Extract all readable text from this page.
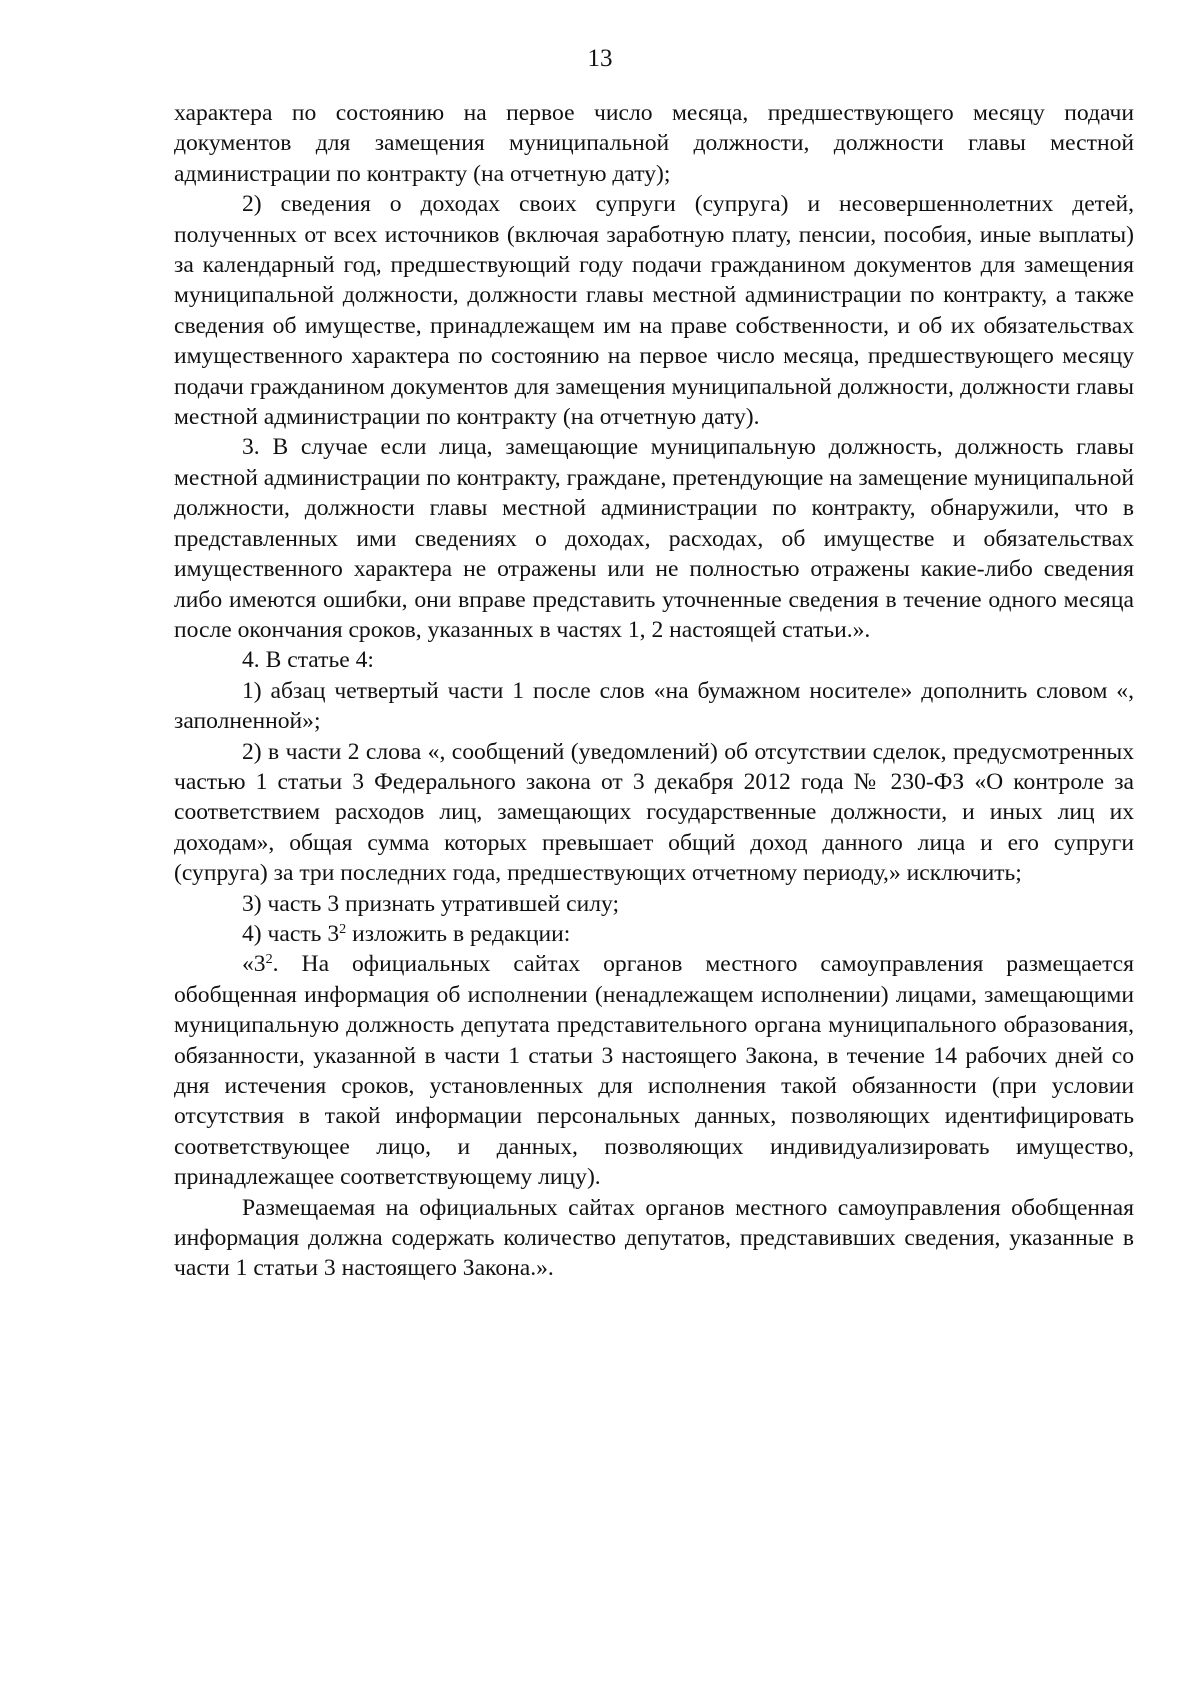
13

характера по состоянию на первое число месяца, предшествующего месяцу подачи документов для замещения муниципальной должности, должности главы местной администрации по контракту (на отчетную дату);

2) сведения о доходах своих супруги (супруга) и несовершеннолетних детей, полученных от всех источников (включая заработную плату, пенсии, пособия, иные выплаты) за календарный год, предшествующий году подачи гражданином документов для замещения муниципальной должности, должности главы местной администрации по контракту, а также сведения об имуществе, принадлежащем им на праве собственности, и об их обязательствах имущественного характера по состоянию на первое число месяца, предшествующего месяцу подачи гражданином документов для замещения муниципальной должности, должности главы местной администрации по контракту (на отчетную дату).

3. В случае если лица, замещающие муниципальную должность, должность главы местной администрации по контракту, граждане, претендующие на замещение муниципальной должности, должности главы местной администрации по контракту, обнаружили, что в представленных ими сведениях о доходах, расходах, об имуществе и обязательствах имущественного характера не отражены или не полностью отражены какие-либо сведения либо имеются ошибки, они вправе представить уточненные сведения в течение одного месяца после окончания сроков, указанных в частях 1, 2 настоящей статьи.».

4. В статье 4:

1) абзац четвертый части 1 после слов «на бумажном носителе» дополнить словом «, заполненной»;

2) в части 2 слова «, сообщений (уведомлений) об отсутствии сделок, предусмотренных частью 1 статьи 3 Федерального закона от 3 декабря 2012 года № 230-ФЗ «О контроле за соответствием расходов лиц, замещающих государственные должности, и иных лиц их доходам», общая сумма которых превышает общий доход данного лица и его супруги (супруга) за три последних года, предшествующих отчетному периоду,» исключить;

3) часть 3 признать утратившей силу;

4) часть $3^2$ изложить в редакции:

«$3^2$. На официальных сайтах органов местного самоуправления размещается обобщенная информация об исполнении (ненадлежащем исполнении) лицами, замещающими муниципальную должность депутата представительного органа муниципального образования, обязанности, указанной в части 1 статьи 3 настоящего Закона, в течение 14 рабочих дней со дня истечения сроков, установленных для исполнения такой обязанности (при условии отсутствия в такой информации персональных данных, позволяющих идентифицировать соответствующее лицо, и данных, позволяющих индивидуализировать имущество, принадлежащее соответствующему лицу).

Размещаемая на официальных сайтах органов местного самоуправления обобщенная информация должна содержать количество депутатов, представивших сведения, указанные в части 1 статьи 3 настоящего Закона.».
